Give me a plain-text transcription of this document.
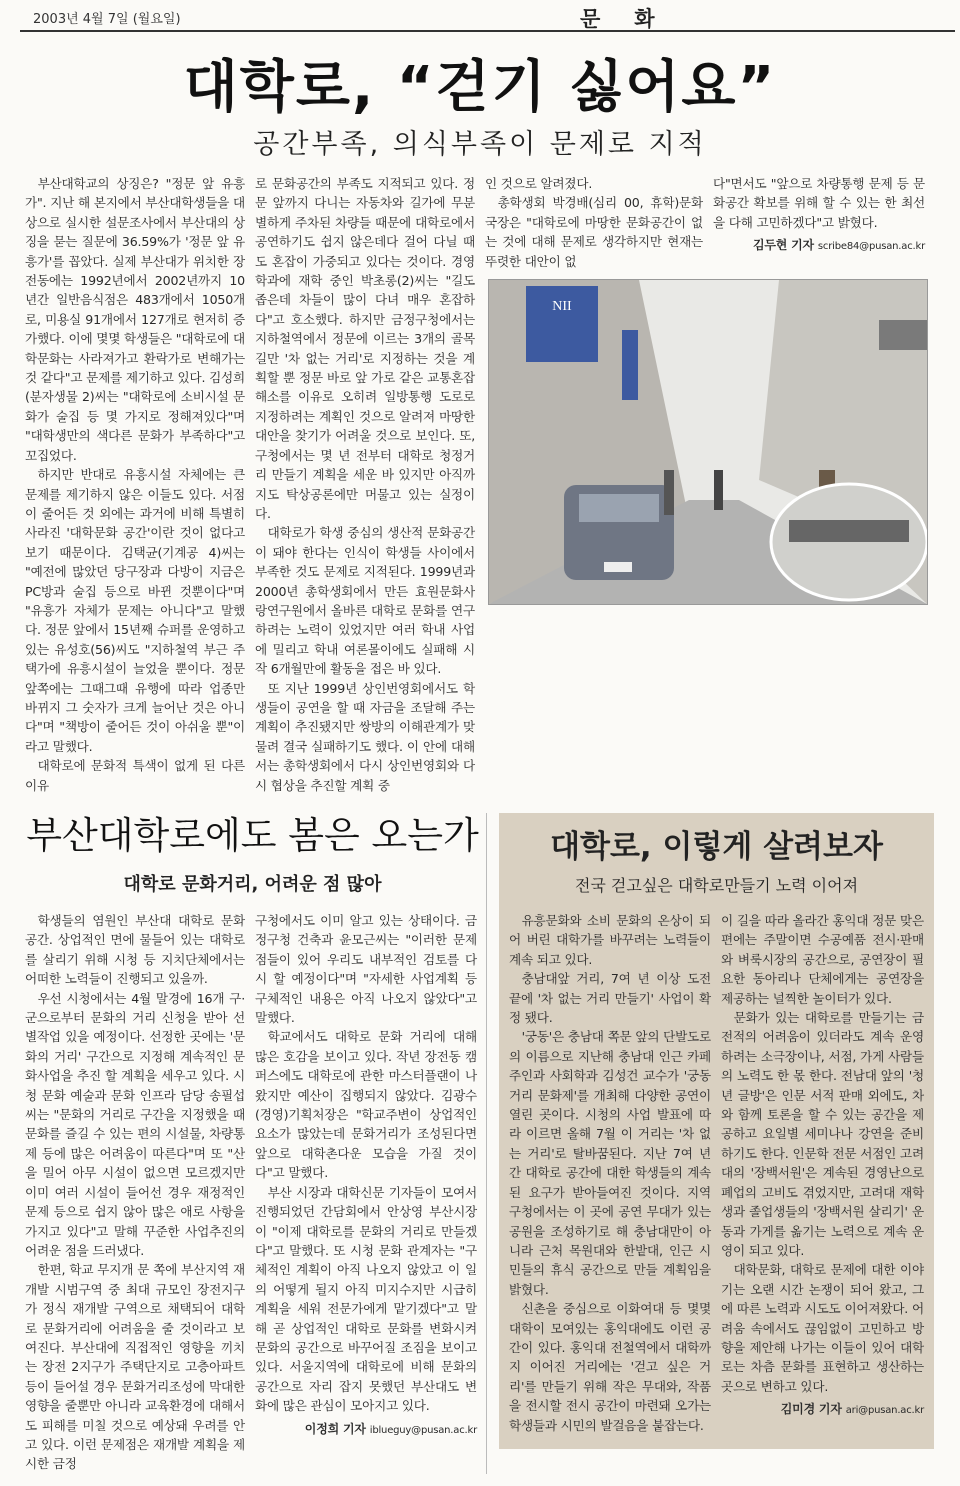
2003년 4월 7일 (월요일)	문화
대학로, “걷기 싫어요”
공간부족, 의식부족이 문제로 지적

부산대학교의 상징은? "정문 앞 유흥가". 지난 해 본지에서 부산대학생들을 대상으로 실시한 설문조사에서 부산대의 상징을 묻는 질문에 36.59%가 '정문 앞 유흥가'를 꼽았다. 실제 부산대가 위치한 장전동에는 1992년에서 2002년까지 10년간 일반음식점은 483개에서 1050개로, 미용실 91개에서 127개로 현저히 증가했다. 이에 몇몇 학생들은 "대학로에 대학문화는 사라져가고 환락가로 변해가는 것 같다"고 문제를 제기하고 있다. 김성희(분자생물 2)씨는 "대학로에 소비시설 문화가 술집 등 몇 가지로 정해져있다"며 "대학생만의 색다른 문화가 부족하다"고 꼬집었다.

하지만 반대로 유흥시설 자체에는 큰 문제를 제기하지 않은 이들도 있다. 서점이 줄어든 것 외에는 과거에 비해 특별히 사라진 '대학문화 공간'이란 것이 없다고 보기 때문이다. 김택균(기계공 4)씨는 "예전에 많았던 당구장과 다방이 지금은 PC방과 술집 등으로 바뀐 것뿐이다"며 "유흥가 자체가 문제는 아니다"고 말했다. 정문 앞에서 15년째 슈퍼를 운영하고 있는 유성호(56)씨도 "지하철역 부근 주택가에 유흥시설이 늘었을 뿐이다. 정문 앞쪽에는 그때그때 유행에 따라 업종만 바뀌지 그 숫자가 크게 늘어난 것은 아니다"며 "책방이 줄어든 것이 아쉬울 뿐"이라고 말했다.

대학로에 문화적 특색이 없게 된 다른 이유

로 문화공간의 부족도 지적되고 있다. 정문 앞까지 다니는 자동차와 길가에 무분별하게 주차된 차량들 때문에 대학로에서 공연하기도 쉽지 않은데다 걸어 다닐 때도 혼잡이 가중되고 있다는 것이다. 경영학과에 재학 중인 박초롱(2)씨는 "길도 좁은데 차들이 많이 다녀 매우 혼잡하다"고 호소했다. 하지만 금정구청에서는 지하철역에서 정문에 이르는 3개의 골목길만 '차 없는 거리'로 지정하는 것을 계획할 뿐 정문 바로 앞 가로 같은 교통혼잡 해소를 이유로 오히려 일방통행 도로로 지정하려는 계획인 것으로 알려져 마땅한 대안을 찾기가 어려울 것으로 보인다. 또, 구청에서는 몇 년 전부터 대학로 청정거리 만들기 계획을 세운 바 있지만 아직까지도 탁상공론에만 머물고 있는 실정이다.

대학로가 학생 중심의 생산적 문화공간이 돼야 한다는 인식이 학생들 사이에서 부족한 것도 문제로 지적된다. 1999년과 2000년 총학생회에서 만든 효원문화사랑연구원에서 올바른 대학로 문화를 연구하려는 노력이 있었지만 여러 학내 사업에 밀리고 학내 여론몰이에도 실패해 시작 6개월만에 활동을 접은 바 있다.

또 지난 1999년 상인번영회에서도 학생들이 공연을 할 때 자금을 조달해 주는 계획이 추진됐지만 쌍방의 이해관계가 맞물려 결국 실패하기도 했다. 이 안에 대해서는 총학생회에서 다시 상인번영회와 다시 협상을 추진할 계획 중

인 것으로 알려졌다.

총학생회 박경배(심리 00, 휴학)문화국장은 "대학로에 마땅한 문화공간이 없는 것에 대해 문제로 생각하지만 현재는 뚜렷한 대안이 없

다"면서도 "앞으로 차량통행 문제 등 문화공간 확보를 위해 할 수 있는 한 최선을 다해 고민하겠다"고 밝혔다.

김두현 기자 scribe84@pusan.ac.kr
NII
부산대학로에도 봄은 오는가
대학로 문화거리, 어려운 점 많아

학생들의 염원인 부산대 대학로 문화 공간. 상업적인 면에 물들어 있는 대학로를 살리기 위해 시청 등 지치단체에서는 어떠한 노력들이 진행되고 있을까.

우선 시청에서는 4월 말경에 16개 구·군으로부터 문화의 거리 신청을 받아 선별작업 있을 예정이다. 선정한 곳에는 '문화의 거리' 구간으로 지정해 계속적인 문화사업을 추진 할 계획을 세우고 있다. 시청 문화 예술과 문화 인프라 담당 송필섭씨는 "문화의 거리로 구간을 지정했을 때 문화를 즐길 수 있는 편의 시설물, 차량통제 등에 많은 어려움이 따른다"며 또 "산을 밀어 아무 시설이 없으면 모르겠지만 이미 여러 시설이 들어선 경우 재정적인 문제 등으로 쉽지 않아 많은 애로 사항을 가지고 있다"고 말해 꾸준한 사업추진의 어려운 점을 드러냈다.

한편, 학교 무지개 문 쪽에 부산지역 재개발 시범구역 중 최대 규모인 장전지구가 정식 재개발 구역으로 채택되어 대학로 문화거리에 어려움을 줄 것이라고 보여진다. 부산대에 직접적인 영향을 끼치는 장전 2지구가 주택단지로 고층아파트 등이 들어설 경우 문화거리조성에 막대한 영향을 줄뿐만 아니라 교육환경에 대해서도 피해를 미칠 것으로 예상돼 우려를 안고 있다. 이런 문제점은 재개발 계획을 제시한 금정

구청에서도 이미 알고 있는 상태이다. 금정구청 건축과 윤모근씨는 "이러한 문제점들이 있어 우리도 내부적인 검토를 다시 할 예정이다"며 "자세한 사업계획 등 구체적인 내용은 아직 나오지 않았다"고 말했다.

학교에서도 대학로 문화 거리에 대해 많은 호감을 보이고 있다. 작년 장전동 캠퍼스에도 대학로에 관한 마스터플랜이 나왔지만 예산이 집행되지 않았다. 김광수(경영)기획처장은 "학교주변이 상업적인 요소가 많았는데 문화거리가 조성된다면 앞으로 대학촌다운 모습을 가질 것이다"고 말했다.

부산 시장과 대학신문 기자들이 모여서 진행되었던 간담회에서 안상영 부산시장이 "이제 대학로를 문화의 거리로 만들겠다"고 말했다. 또 시청 문화 관계자는 "구체적인 계획이 아직 나오지 않았고 이 일의 어떻게 될지 아직 미지수지만 시급히 계획을 세워 전문가에게 맡기겠다"고 말해 곧 상업적인 대학로 문화를 변화시켜 문화의 공간으로 바꾸어질 조짐을 보이고 있다. 서울지역에 대학로에 비해 문화의 공간으로 자리 잡지 못했던 부산대도 변화에 많은 관심이 모아지고 있다.

이정희 기자 iblueguy@pusan.ac.kr
대학로, 이렇게 살려보자
전국 걷고싶은 대학로만들기 노력 이어져

유흥문화와 소비 문화의 온상이 되어 버린 대학가를 바꾸려는 노력들이 계속 되고 있다.

충남대앞 거리, 7여 년 이상 도전 끝에 '차 없는 거리 만들기' 사업이 확정 됐다.

'궁동'은 충남대 쪽문 앞의 단발도로의 이름으로 지난해 충남대 인근 카페 주인과 사회학과 김성건 교수가 '궁동 거리 문화제'를 개최해 다양한 공연이 열린 곳이다. 시청의 사업 발표에 따라 이르면 올해 7월 이 거리는 '차 없는 거리'로 탈바꿈된다. 지난 7여 년 간 대학로 공간에 대한 학생들의 계속된 요구가 받아들여진 것이다. 지역 구청에서는 이 곳에 공연 무대가 있는 공원을 조성하기로 해 충남대만이 아니라 근처 목원대와 한밭대, 인근 시민들의 휴식 공간으로 만들 계획임을 밝혔다.

신촌을 중심으로 이화여대 등 몇몇 대학이 모여있는 홍익대에도 이런 공간이 있다. 홍익대 전철역에서 대학까지 이어진 거리에는 '걷고 싶은 거리'를 만들기 위해 작은 무대와, 작품을 전시할 전시 공간이 마련돼 오가는 학생들과 시민의 발걸음을 붙잡는다.

이 길을 따라 올라간 홍익대 정문 맞은 편에는 주말이면 수공예품 전시·판매와 벼룩시장의 공간으로, 공연장이 필요한 동아리나 단체에게는 공연장을 제공하는 널찍한 놀이터가 있다.

문화가 있는 대학로를 만들기는 금전적의 어려움이 있더라도 계속 운영하려는 소극장이나, 서점, 가게 사람들의 노력도 한 몫 한다. 전남대 앞의 '청년 글방'은 인문 서적 판매 외에도, 차와 함께 토론을 할 수 있는 공간을 제공하고 요일별 세미나나 강연을 준비하기도 한다. 인문학 전문 서점인 고려대의 '장백서원'은 계속된 경영난으로 폐업의 고비도 겪었지만, 고려대 재학생과 졸업생들의 '장백서원 살리기' 운동과 가게를 옮기는 노력으로 계속 운영이 되고 있다.

대학문화, 대학로 문제에 대한 이야기는 오랜 시간 논쟁이 되어 왔고, 그에 따른 노력과 시도도 이어져왔다. 어려움 속에서도 끊임없이 고민하고 방향을 제안해 나가는 이들이 있어 대학로는 차츰 문화를 표현하고 생산하는 곳으로 변하고 있다.

김미경 기자 ari@pusan.ac.kr
